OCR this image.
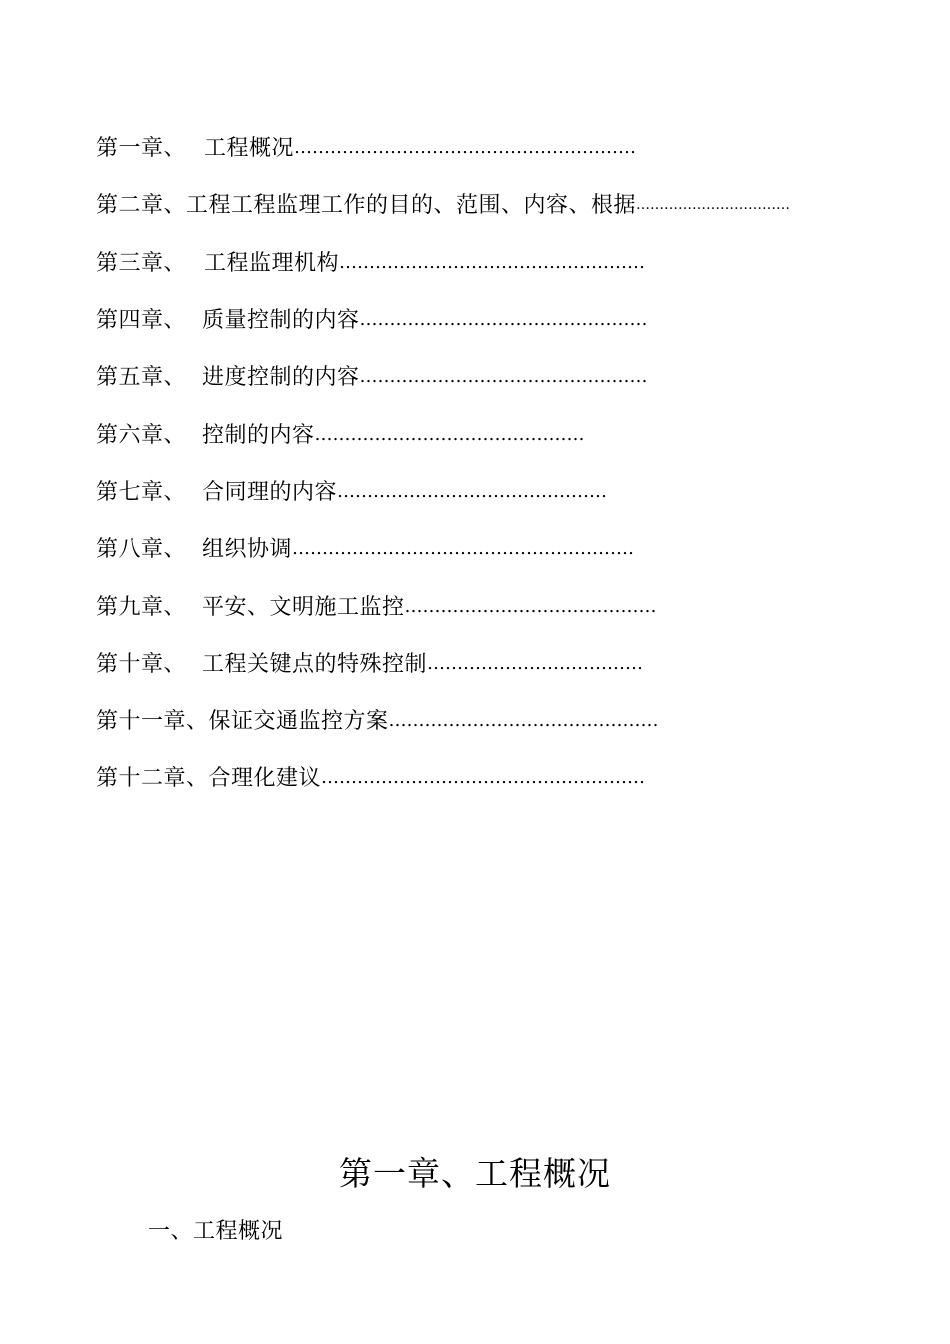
第一章、 工程概况 …………………………………………………
第二章、 工程工程监理工作的目的、范围、内容、根据 ……………………………
第三章、 工程监理机构 ……………………………………………
第四章、 质量控制的内容 …………………………………………
第五章、 进度控制的内容 …………………………………………
第六章、 控制的内容 ………………………………………
第七章、 合同理的内容 ………………………………………
第八章、 组织协调 …………………………………………………
第九章、 平安、文明施工监控 ……………………………………
第十章、 工程关键点的特殊控制 ………………………………
第十一章、 保证交通监控方案 ………………………………………
第十二章、 合理化建议 ………………………………………………
第一章、工程概况
一、工程概况
